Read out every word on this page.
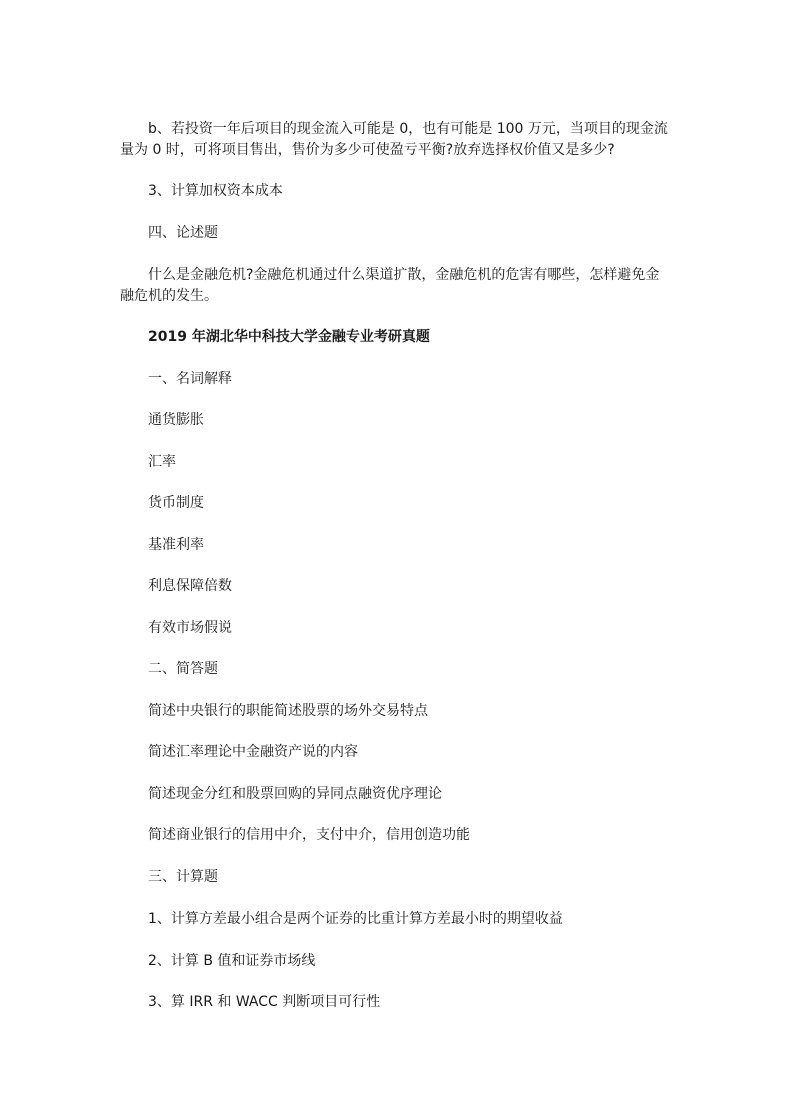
b、若投资一年后项目的现金流入可能是 0，也有可能是 100 万元，当项目的现金流

量为 0 时，可将项目售出，售价为多少可使盈亏平衡?放弃选择权价值又是多少?

3、计算加权资本成本

四、论述题

什么是金融危机?金融危机通过什么渠道扩散，金融危机的危害有哪些，怎样避免金

融危机的发生。

2019 年湖北华中科技大学金融专业考研真题

一、名词解释

通货膨胀

汇率

货币制度

基准利率

利息保障倍数

有效市场假说

二、简答题

简述中央银行的职能简述股票的场外交易特点

简述汇率理论中金融资产说的内容

简述现金分红和股票回购的异同点融资优序理论

简述商业银行的信用中介，支付中介，信用创造功能

三、计算题

1、计算方差最小组合是两个证券的比重计算方差最小时的期望收益

2、计算 B 值和证券市场线

3、算 IRR 和 WACC 判断项目可行性
